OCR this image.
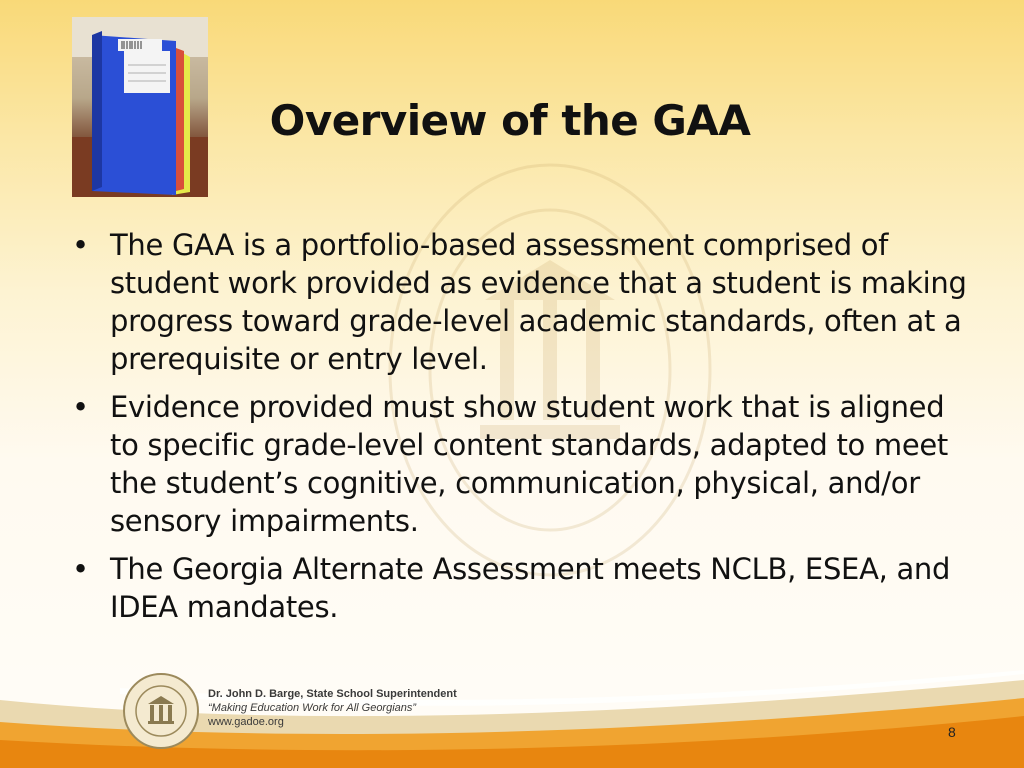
Overview of the GAA
• The GAA is a portfolio-based assessment comprised of student work provided as evidence that a student is making progress toward grade-level academic standards, often at a prerequisite or entry level.
• Evidence provided must show student work that is aligned to specific grade-level content standards, adapted to meet the student’s cognitive, communication, physical, and/or sensory impairments.
• The Georgia Alternate Assessment meets NCLB, ESEA, and IDEA mandates.
Dr. John D. Barge, State School Superintendent
“Making Education Work for All Georgians”
www.gadoe.org
8
